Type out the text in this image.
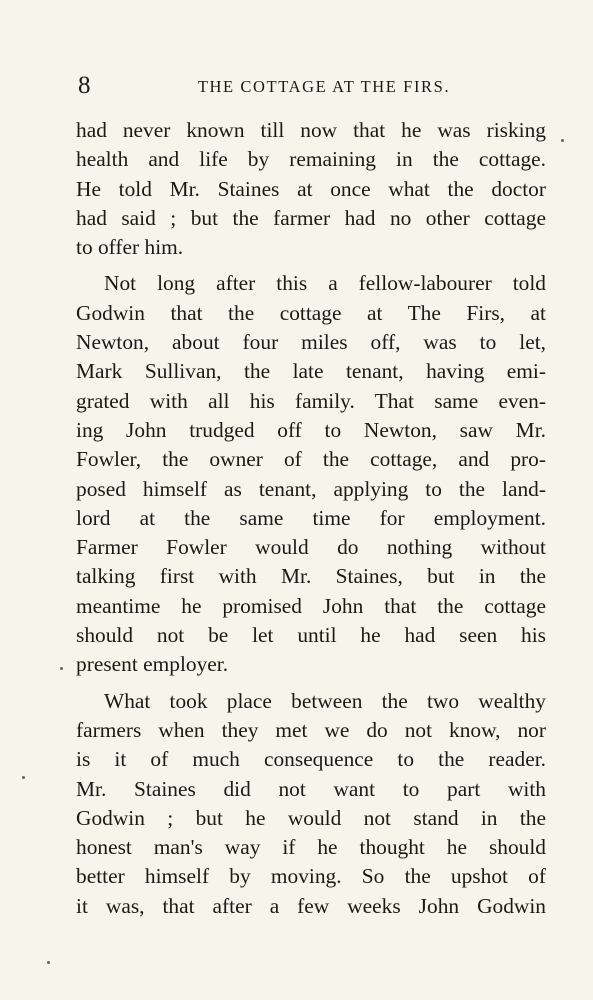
8	THE COTTAGE AT THE FIRS.
had never known till now that he was risking
health and life by remaining in the cottage.
He told Mr. Staines at once what the doctor
had said ; but the farmer had no other cottage
to offer him.
Not long after this a fellow-labourer told
Godwin that the cottage at The Firs, at
Newton, about four miles off, was to let,
Mark Sullivan, the late tenant, having emi-
grated with all his family. That same even-
ing John trudged off to Newton, saw Mr.
Fowler, the owner of the cottage, and pro-
posed himself as tenant, applying to the land-
lord at the same time for employment.
Farmer Fowler would do nothing without
talking first with Mr. Staines, but in the
meantime he promised John that the cottage
should not be let until he had seen his
present employer.
What took place between the two wealthy
farmers when they met we do not know, nor
is it of much consequence to the reader.
Mr. Staines did not want to part with
Godwin ; but he would not stand in the
honest man's way if he thought he should
better himself by moving. So the upshot of
it was, that after a few weeks John Godwin
